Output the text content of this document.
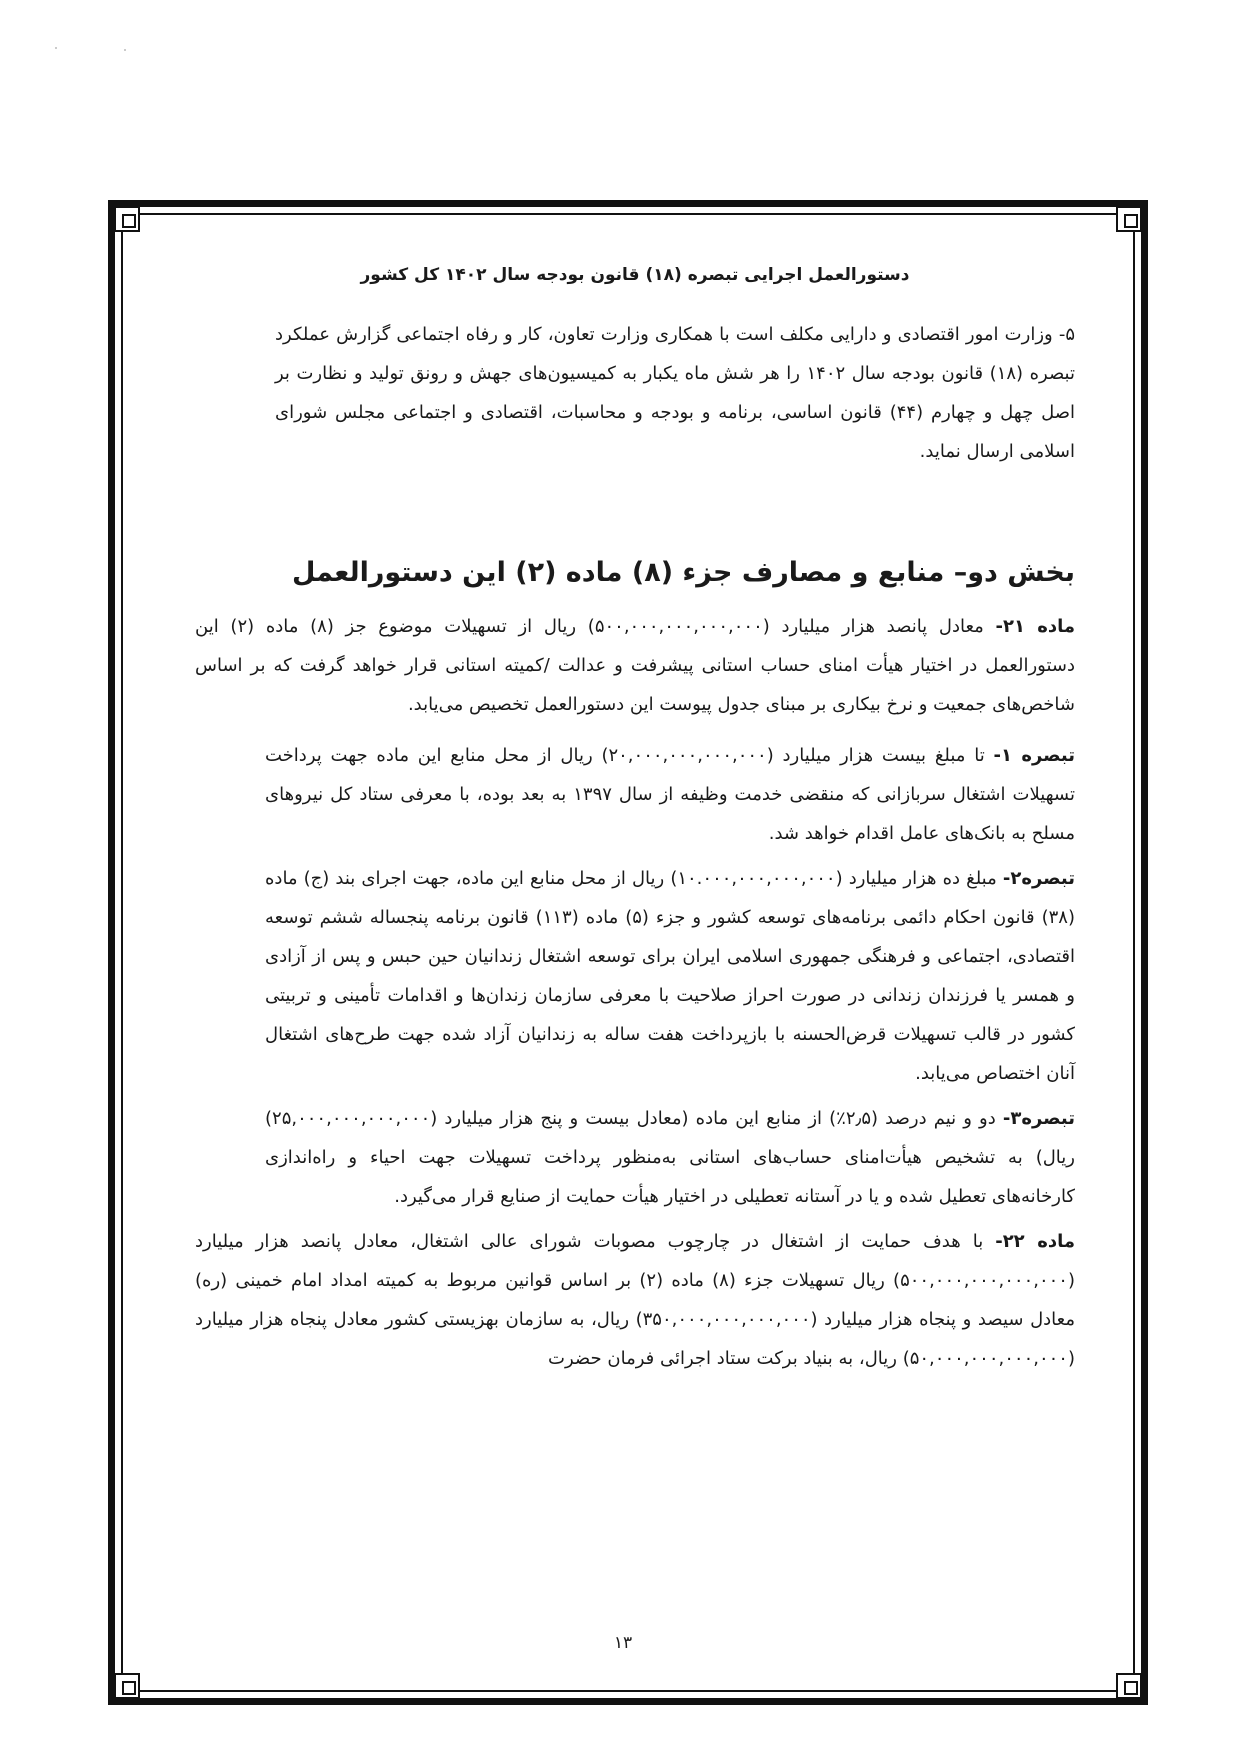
دستورالعمل اجرایی تبصره (۱۸) قانون بودجه سال ۱۴۰۲ کل کشور

۵- وزارت امور اقتصادی و دارایی مکلف است با همکاری وزارت تعاون، کار و رفاه اجتماعی گزارش عملکرد تبصره (۱۸) قانون بودجه سال ۱۴۰۲ را هر شش ماه یکبار به کمیسیون‌های جهش و رونق تولید و نظارت بر اصل چهل و چهارم (۴۴) قانون اساسی، برنامه و بودجه و محاسبات، اقتصادی و اجتماعی مجلس شورای اسلامی ارسال نماید.

بخش دو– منابع و مصارف جزء (۸) ماده (۲) این دستورالعمل

ماده ۲۱- معادل پانصد هزار میلیارد (۵۰۰,۰۰۰,۰۰۰,۰۰۰,۰۰۰) ریال از تسهیلات موضوع جز (۸) ماده (۲) این دستورالعمل در اختیار هیأت امنای حساب استانی پیشرفت و عدالت /کمیته استانی قرار خواهد گرفت که بر اساس شاخص‌های جمعیت و نرخ بیکاری بر مبنای جدول پیوست این دستورالعمل تخصیص می‌یابد.

تبصره ۱- تا مبلغ بیست هزار میلیارد (۲۰,۰۰۰,۰۰۰,۰۰۰,۰۰۰) ریال از محل منابع این ماده جهت پرداخت تسهیلات اشتغال سربازانی که منقضی خدمت وظیفه از سال ۱۳۹۷ به بعد بوده، با معرفی ستاد کل نیروهای مسلح به بانک‌های عامل اقدام خواهد شد.

تبصره۲- مبلغ ده هزار میلیارد (۱۰.۰۰۰,۰۰۰,۰۰۰,۰۰۰) ریال از محل منابع این ماده، جهت اجرای بند (ج) ماده (۳۸) قانون احکام دائمی برنامه‌های توسعه کشور و جزء (۵) ماده (۱۱۳) قانون برنامه پنجساله ششم توسعه اقتصادی، اجتماعی و فرهنگی جمهوری اسلامی ایران برای توسعه اشتغال زندانیان حین حبس و پس از آزادی و همسر یا فرزندان زندانی در صورت احراز صلاحیت با معرفی سازمان زندان‌ها و اقدامات تأمینی و تربیتی کشور در قالب تسهیلات قرض‌الحسنه با بازپرداخت هفت ساله به زندانیان آزاد شده جهت طرح‌های اشتغال آنان اختصاص می‌یابد.

تبصره۳- دو و نیم درصد (۲٫۵٪) از منابع این ماده (معادل بیست و پنج هزار میلیارد (۲۵,۰۰۰,۰۰۰,۰۰۰,۰۰۰) ریال) به تشخیص هیأت‌امنای حساب‌های استانی به‌منظور پرداخت تسهیلات جهت احیاء و راه‌اندازی کارخانه‌های تعطیل شده و یا در آستانه تعطیلی در اختیار هیأت حمایت از صنایع قرار می‌گیرد.

ماده ۲۲- با هدف حمایت از اشتغال در چارچوب مصوبات شورای عالی اشتغال، معادل پانصد هزار میلیارد (۵۰۰,۰۰۰,۰۰۰,۰۰۰,۰۰۰) ریال تسهیلات جزء (۸) ماده (۲) بر اساس قوانین مربوط به کمیته امداد امام خمینی (ره) معادل سیصد و پنجاه هزار میلیارد (۳۵۰,۰۰۰,۰۰۰,۰۰۰,۰۰۰) ریال، به سازمان بهزیستی کشور معادل پنجاه هزار میلیارد (۵۰,۰۰۰,۰۰۰,۰۰۰,۰۰۰) ریال، به بنیاد برکت ستاد اجرائی فرمان حضرت

۱۳
